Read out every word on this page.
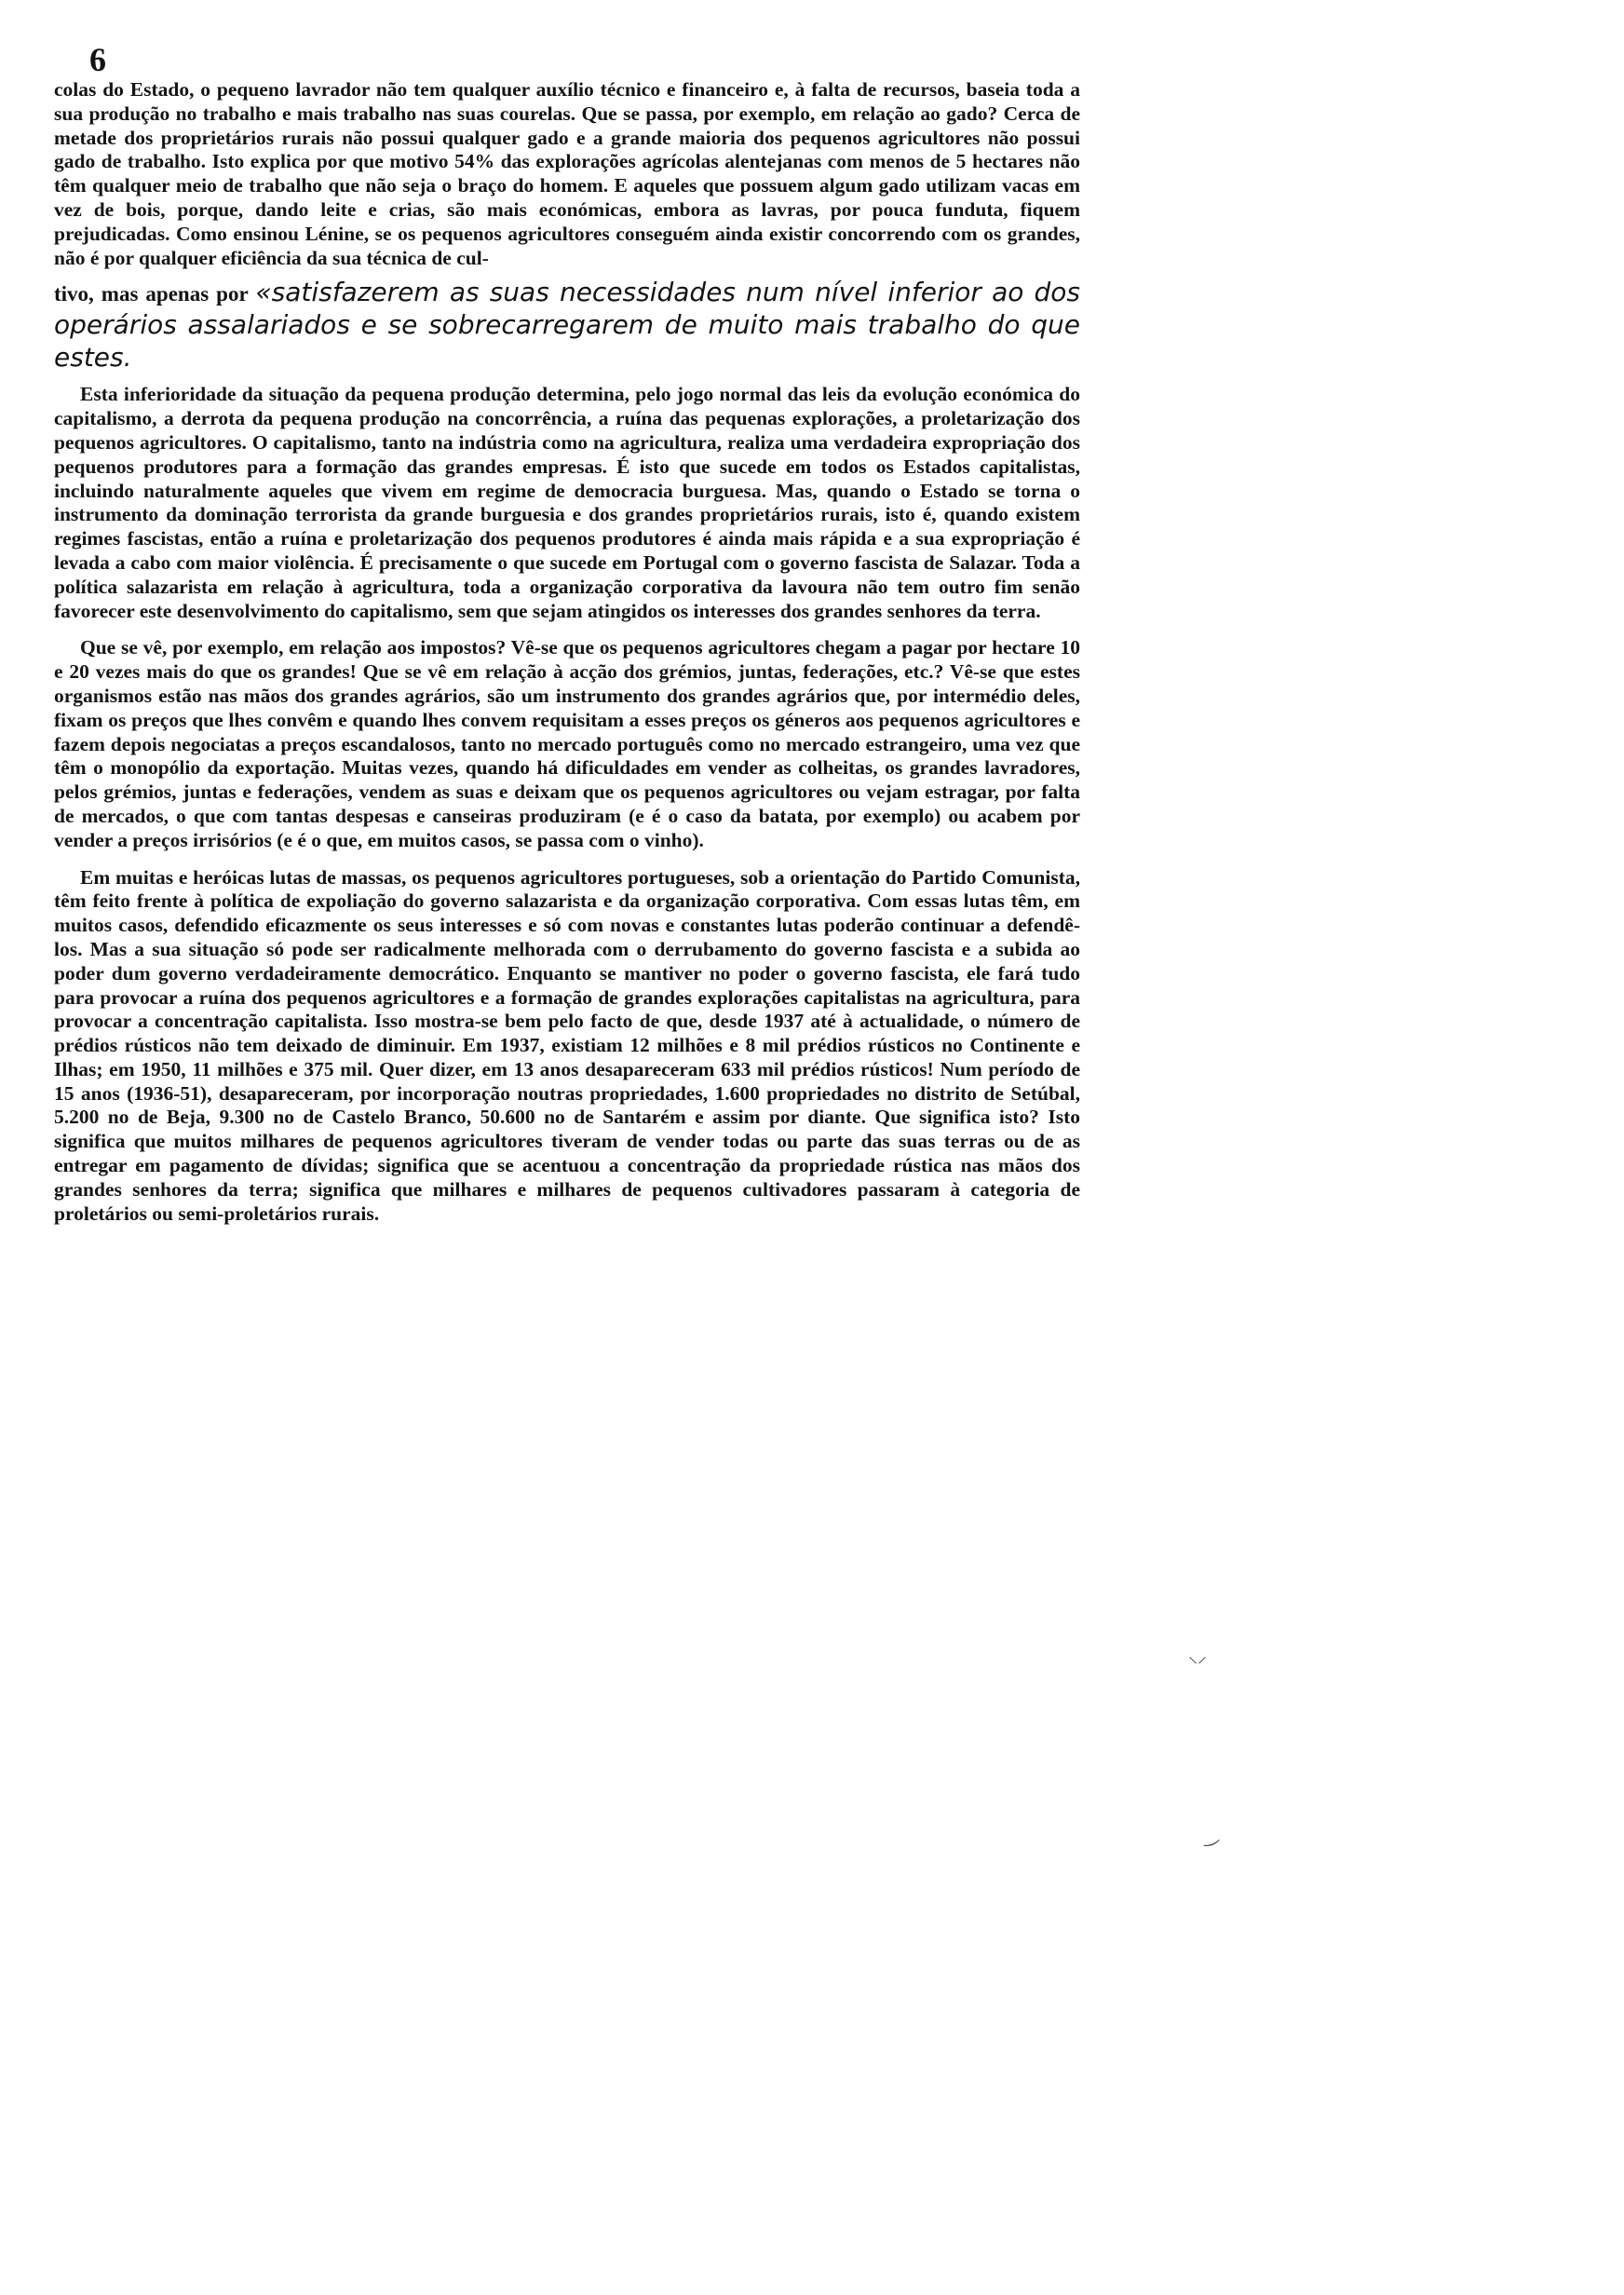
6

colas do Estado, o pequeno lavrador não tem qualquer auxílio técnico e financeiro e, à falta de recursos, baseia toda a sua produção no trabalho e mais trabalho nas suas courelas. Que se passa, por exemplo, em relação ao gado? Cerca de metade dos proprietários rurais não possui qualquer gado e a grande maioria dos pequenos agricultores não possui gado de trabalho. Isto explica por que motivo 54% das explorações agrícolas alentejanas com menos de 5 hectares não têm qualquer meio de trabalho que não seja o braço do homem. E aqueles que possuem algum gado utilizam vacas em vez de bois, porque, dando leite e crias, são mais económicas, embora as lavras, por pouca funduta, fiquem prejudicadas. Como ensinou Lénine, se os pequenos agricultores conseguém ainda existir concorrendo com os grandes, não é por qualquer eficiência da sua técnica de cul-

tivo, mas apenas por «satisfazerem as suas necessidades num nível inferior ao dos operários assalariados e se sobrecarregarem de muito mais trabalho do que estes.

Esta inferioridade da situação da pequena produção determina, pelo jogo normal das leis da evolução económica do capitalismo, a derrota da pequena produção na concorrência, a ruína das pequenas explorações, a proletarização dos pequenos agricultores. O capitalismo, tanto na indústria como na agricultura, realiza uma verdadeira expropriação dos pequenos produtores para a formação das grandes empresas. É isto que sucede em todos os Estados capitalistas, incluindo naturalmente aqueles que vivem em regime de democracia burguesa. Mas, quando o Estado se torna o instrumento da dominação terrorista da grande burguesia e dos grandes proprietários rurais, isto é, quando existem regimes fascistas, então a ruína e proletarização dos pequenos produtores é ainda mais rápida e a sua expropriação é levada a cabo com maior violência. É precisamente o que sucede em Portugal com o governo fascista de Salazar. Toda a política salazarista em relação à agricultura, toda a organização corporativa da lavoura não tem outro fim senão favorecer este desenvolvimento do capitalismo, sem que sejam atingidos os interesses dos grandes senhores da terra.

Que se vê, por exemplo, em relação aos impostos? Vê-se que os pequenos agricultores chegam a pagar por hectare 10 e 20 vezes mais do que os grandes! Que se vê em relação à acção dos grémios, juntas, federações, etc.? Vê-se que estes organismos estão nas mãos dos grandes agrários, são um instrumento dos grandes agrários que, por intermédio deles, fixam os preços que lhes convêm e quando lhes convem requisitam a esses preços os géneros aos pequenos agricultores e fazem depois negociatas a preços escandalosos, tanto no mercado português como no mercado estrangeiro, uma vez que têm o monopólio da exportação. Muitas vezes, quando há dificuldades em vender as colheitas, os grandes lavradores, pelos grémios, juntas e federações, vendem as suas e deixam que os pequenos agricultores ou vejam estragar, por falta de mercados, o que com tantas despesas e canseiras produziram (e é o caso da batata, por exemplo) ou acabem por vender a preços irrisórios (e é o que, em muitos casos, se passa com o vinho).

Em muitas e heróicas lutas de massas, os pequenos agricultores portugueses, sob a orientação do Partido Comunista, têm feito frente à política de expoliação do governo salazarista e da organização corporativa. Com essas lutas têm, em muitos casos, defendido eficazmente os seus interesses e só com novas e constantes lutas poderão continuar a defendê-los. Mas a sua situação só pode ser radicalmente melhorada com o derrubamento do governo fascista e a subida ao poder dum governo verdadeiramente democrático. Enquanto se mantiver no poder o governo fascista, ele fará tudo para provocar a ruína dos pequenos agricultores e a formação de grandes explorações capitalistas na agricultura, para provocar a concentração capitalista. Isso mostra-se bem pelo facto de que, desde 1937 até à actualidade, o número de prédios rústicos não tem deixado de diminuir. Em 1937, existiam 12 milhões e 8 mil prédios rústicos no Continente e Ilhas; em 1950, 11 milhões e 375 mil. Quer dizer, em 13 anos desapareceram 633 mil prédios rústicos! Num período de 15 anos (1936-51), desapareceram, por incorporação noutras propriedades, 1.600 propriedades no distrito de Setúbal, 5.200 no de Beja, 9.300 no de Castelo Branco, 50.600 no de Santarém e assim por diante. Que significa isto? Isto significa que muitos milhares de pequenos agricultores tiveram de vender todas ou parte das suas terras ou de as entregar em pagamento de dívidas; significa que se acentuou a concentração da propriedade rústica nas mãos dos grandes senhores da terra; significa que milhares e milhares de pequenos cultivadores passaram à categoria de proletários ou semi-proletários rurais.

⸌⸍
‿
